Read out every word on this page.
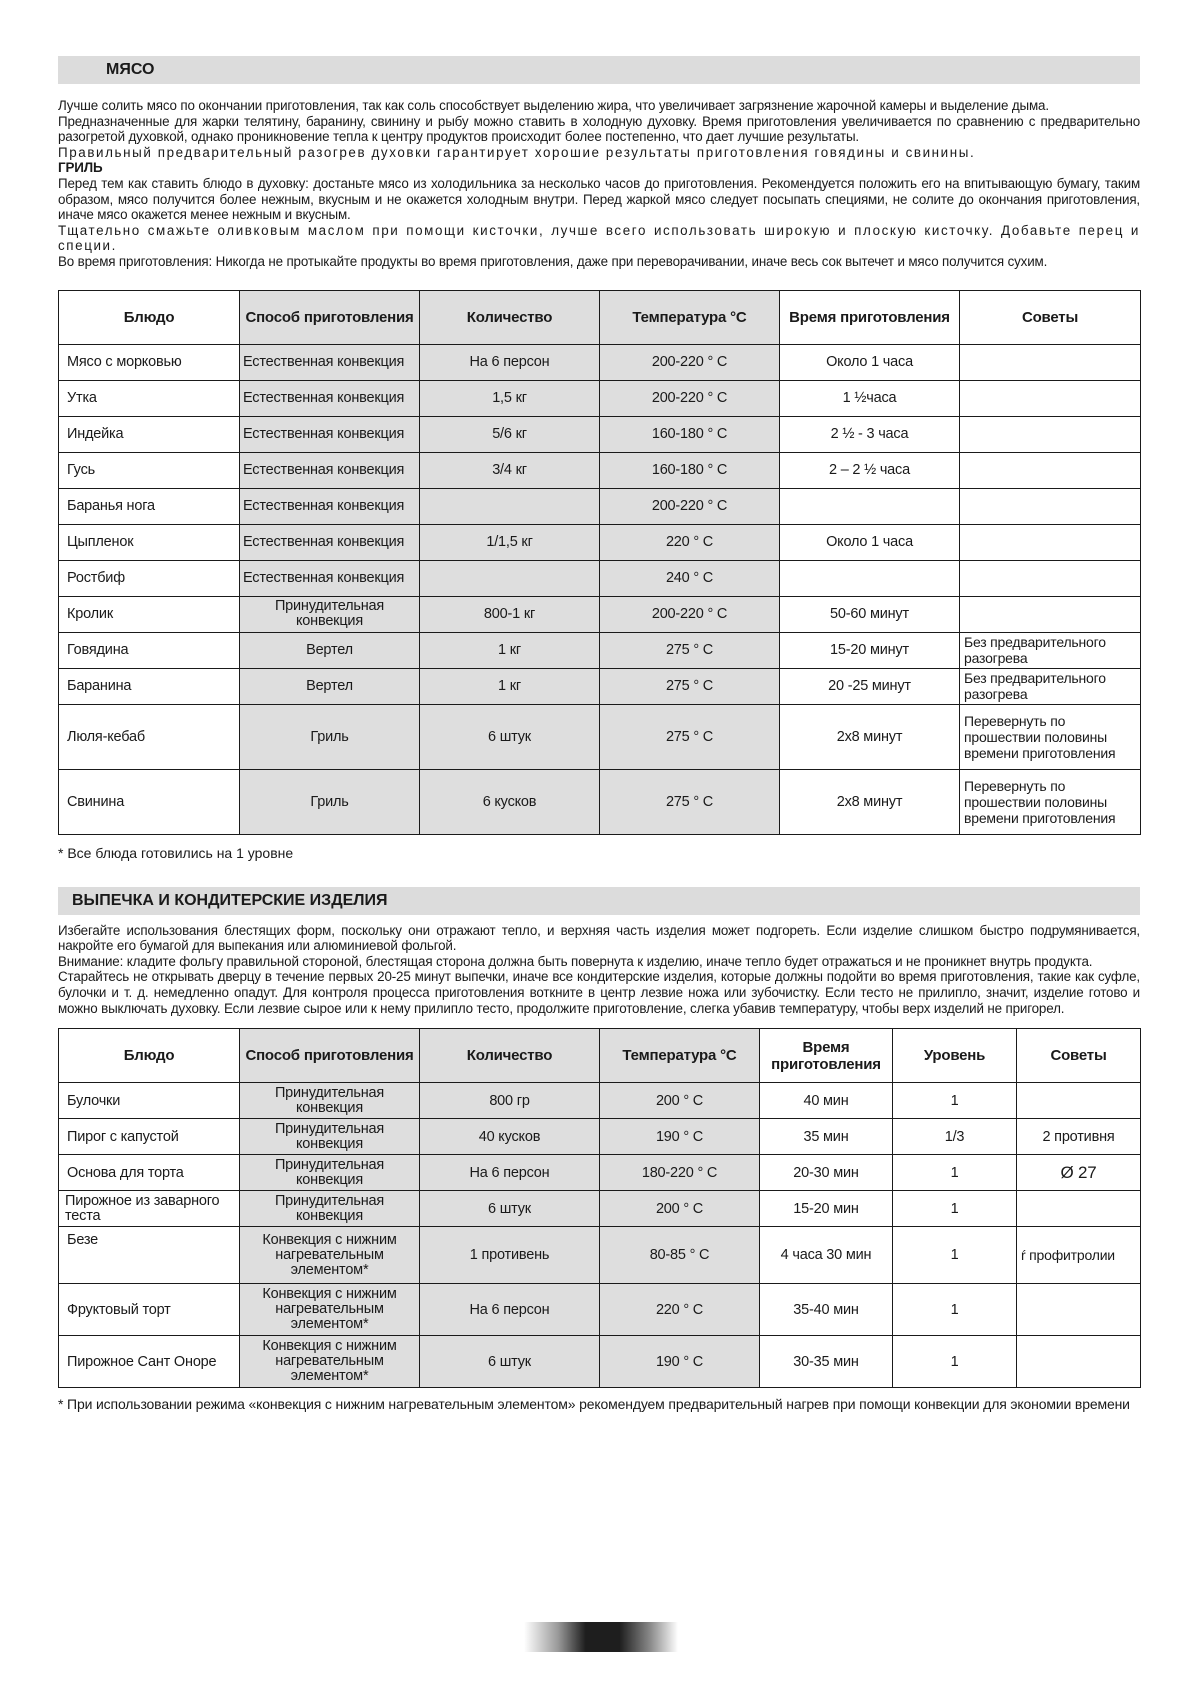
МЯСО

Лучше солить мясо по окончании приготовления, так как соль способствует выделению жира, что увеличивает загрязнение жарочной камеры и выделение дыма.

Предназначенные для жарки телятину, баранину, свинину и рыбу можно ставить в холодную духовку. Время приготовления увеличивается по сравнению с предварительно разогретой духовкой, однако проникновение тепла к центру продуктов происходит более постепенно, что дает лучшие результаты.

Правильный предварительный разогрев духовки гарантирует хорошие результаты приготовления говядины и свинины.

ГРИЛЬ

Перед тем как ставить блюдо в духовку: достаньте мясо из холодильника за несколько часов до приготовления. Рекомендуется положить его на впитывающую бумагу, таким образом, мясо получится более нежным, вкусным и не окажется холодным внутри. Перед жаркой мясо следует посыпать специями, не солите до окончания приготовления, иначе мясо окажется менее нежным и вкусным.

Тщательно смажьте оливковым маслом при помощи кисточки, лучше всего использовать широкую и плоскую кисточку. Добавьте перец и специи.

Во время приготовления: Никогда не протыкайте продукты во время приготовления, даже при переворачивании, иначе весь сок вытечет и мясо получится сухим.

Блюдо	Способ приготовления	Количество	Температура °C	Время приготовления	Советы
Мясо с морковью	Естественная конвекция	На 6 персон	200-220 ° C	Около 1 часа	
Утка	Естественная конвекция	1,5 кг	200-220 ° C	1 ½часа	
Индейка	Естественная конвекция	5/6 кг	160-180 ° C	2 ½ - 3 часа	
Гусь	Естественная конвекция	3/4 кг	160-180 ° C	2 – 2 ½ часа	
Баранья нога	Естественная конвекция		200-220 ° C		
Цыпленок	Естественная конвекция	1/1,5 кг	220 ° C	Около 1 часа	
Ростбиф	Естественная конвекция		240 ° C		
Кролик	Принудительная конвекция	800-1 кг	200-220 ° C	50-60 минут	
Говядина	Вертел	1 кг	275 ° C	15-20 минут	Без предварительного разогрева
Баранина	Вертел	1 кг	275 ° C	20 -25 минут	Без предварительного разогрева
Люля-кебаб	Гриль	6 штук	275 ° C	2x8 минут	Перевернуть по прошествии половины времени приготовления
Свинина	Гриль	6 кусков	275 ° C	2x8 минут	Перевернуть по прошествии половины времени приготовления

* Все блюда готовились на 1 уровне

ВЫПЕЧКА И КОНДИТЕРСКИЕ ИЗДЕЛИЯ

Избегайте использования блестящих форм, поскольку они отражают тепло, и верхняя часть изделия может подгореть. Если изделие слишком быстро подрумянивается, накройте его бумагой для выпекания или алюминиевой фольгой.

Внимание: кладите фольгу правильной стороной, блестящая сторона должна быть повернута к изделию, иначе тепло будет отражаться и не проникнет внутрь продукта.

Старайтесь не открывать дверцу в течение первых 20-25 минут выпечки, иначе все кондитерские изделия, которые должны подойти во время приготовления, такие как суфле, булочки и т. д. немедленно опадут. Для контроля процесса приготовления воткните в центр лезвие ножа или зубочистку. Если тесто не прилипло, значит, изделие готово и можно выключать духовку. Если лезвие сырое или к нему прилипло тесто, продолжите приготовление, слегка убавив температуру, чтобы верх изделий не пригорел.

Блюдо	Способ приготовления	Количество	Температура °C	Время приготовления	Уровень	Советы
Булочки	Принудительная конвекция	800 гр	200 ° C	40 мин	1	
Пирог с капустой	Принудительная конвекция	40 кусков	190 ° C	35 мин	1/3	2 противня
Основа для торта	Принудительная конвекция	На 6 персон	180-220 ° C	20-30 мин	1	Ø 27
Пирожное из заварного теста	Принудительная конвекция	6 штук	200 ° C	15-20 мин	1	
Безе	Конвекция с нижним нагревательным элементом*	1 противень	80-85 ° C	4 часа 30 мин	1	ŕ профитролии
Фруктовый торт	Конвекция с нижним нагревательным элементом*	На 6 персон	220 ° C	35-40 мин	1	
Пирожное Сант Оноре	Конвекция с нижним нагревательным элементом*	6 штук	190 ° C	30-35 мин	1	

* При использовании режима «конвекция с нижним нагревательным элементом» рекомендуем предварительный нагрев при помощи конвекции для экономии времени
